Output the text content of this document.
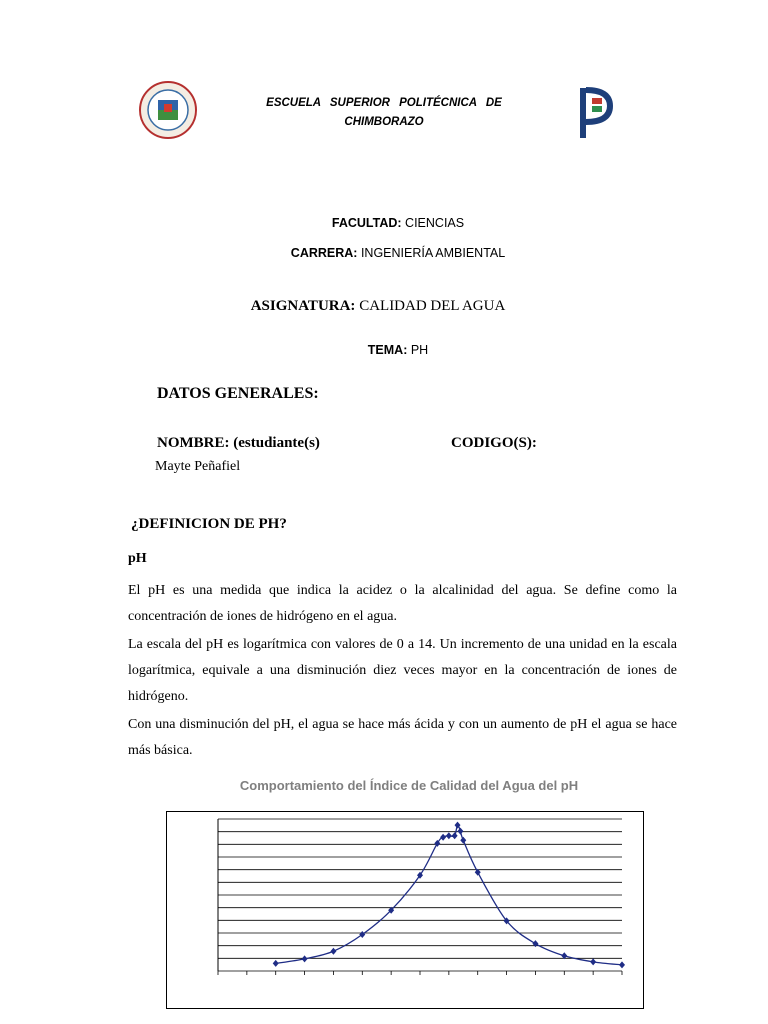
ESCUELA SUPERIOR POLITÉCNICA DE
CHIMBORAZO
FACULTAD: CIENCIAS
CARRERA: INGENIERÍA AMBIENTAL
ASIGNATURA: CALIDAD DEL AGUA
TEMA: PH
DATOS GENERALES:
NOMBRE: (estudiante(s)	CODIGO(S):
Mayte Peñafiel
¿DEFINICION DE PH?
pH
El pH es una medida que indica la acidez o la alcalinidad del agua. Se define como la concentración de iones de hidrógeno en el agua.
La escala del pH es logarítmica con valores de 0 a 14. Un incremento de una unidad en la escala logarítmica, equivale a una disminución diez veces mayor en la concentración de iones de hidrógeno.
Con una disminución del pH, el agua se hace más ácida y con un aumento de pH el agua se hace más básica.
Comportamiento del Índice de Calidad del Agua del pH
